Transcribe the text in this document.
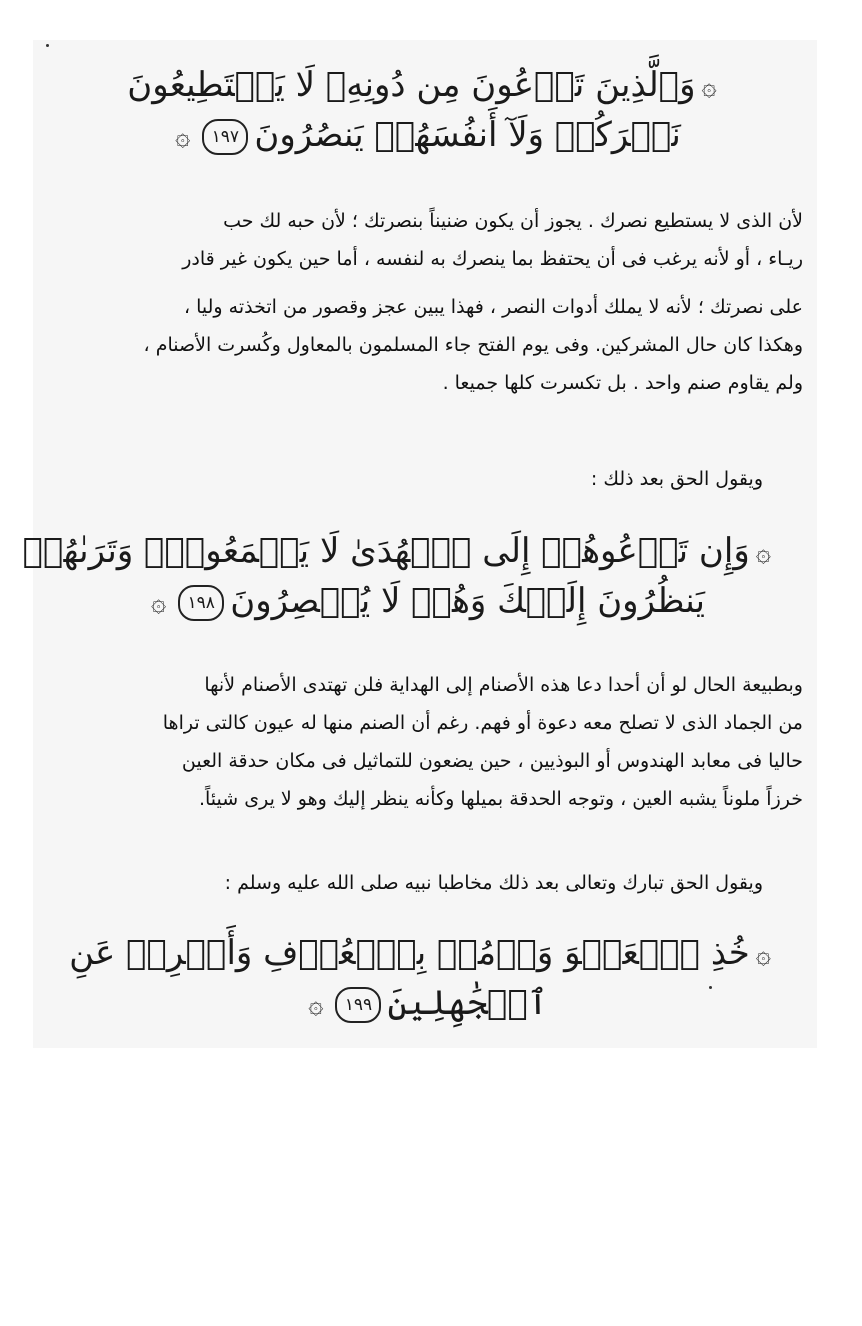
۞وَٱلَّذِينَ تَدۡعُونَ مِن دُونِهِۦ لَا يَسۡتَطِيعُونَ
نَصۡرَكُمۡ وَلَآ أَنفُسَهُمۡ يَنصُرُونَ١٩٧۞

لأن الذى لا يستطيع نصرك . يجوز أن يكون ضنيناً بنصرتك ؛ لأن حبه لك حب

ريـاء ، أو لأنه يرغب فى أن يحتفظ بما ينصرك به لنفسه ، أما حين يكون غير قادر

على نصرتك ؛ لأنه لا يملك أدوات النصر ، فهذا يبين عجز وقصور من اتخذته وليا ،

وهكذا كان حال المشركين. وفى يوم الفتح جاء المسلمون بالمعاول وكُسرت الأصنام ،

ولم يقاوم صنم واحد . بل تكسرت كلها جميعا .

ويقول الحق بعد ذلك :
۞وَإِن تَدۡعُوهُمۡ إِلَى ٱلۡهُدَىٰ لَا يَسۡمَعُواْۖ وَتَرَىٰهُمۡ
يَنظُرُونَ إِلَيۡكَ وَهُمۡ لَا يُبۡصِرُونَ١٩٨۞

وبطبيعة الحال لو أن أحدا دعا هذه الأصنام إلى الهداية فلن تهتدى الأصنام لأنها

من الجماد الذى لا تصلح معه دعوة أو فهم. رغم أن الصنم منها له عيون كالتى تراها

حاليا فى معابد الهندوس أو البوذيين ، حين يضعون للتماثيل فى مكان حدقة العين

خرزاً ملوناً يشبه العين ، وتوجه الحدقة بميلها وكأنه ينظر إليك وهو لا يرى شيئاً.

ويقول الحق تبارك وتعالى بعد ذلك مخاطبا نبيه صلى الله عليه وسلم :
۞خُذِ ٱلۡعَفۡوَ وَأۡمُرۡ بِٱلۡعُرۡفِ وَأَعۡرِضۡ عَنِ
ٱلۡجَٰهِلِينَ١٩٩۞
